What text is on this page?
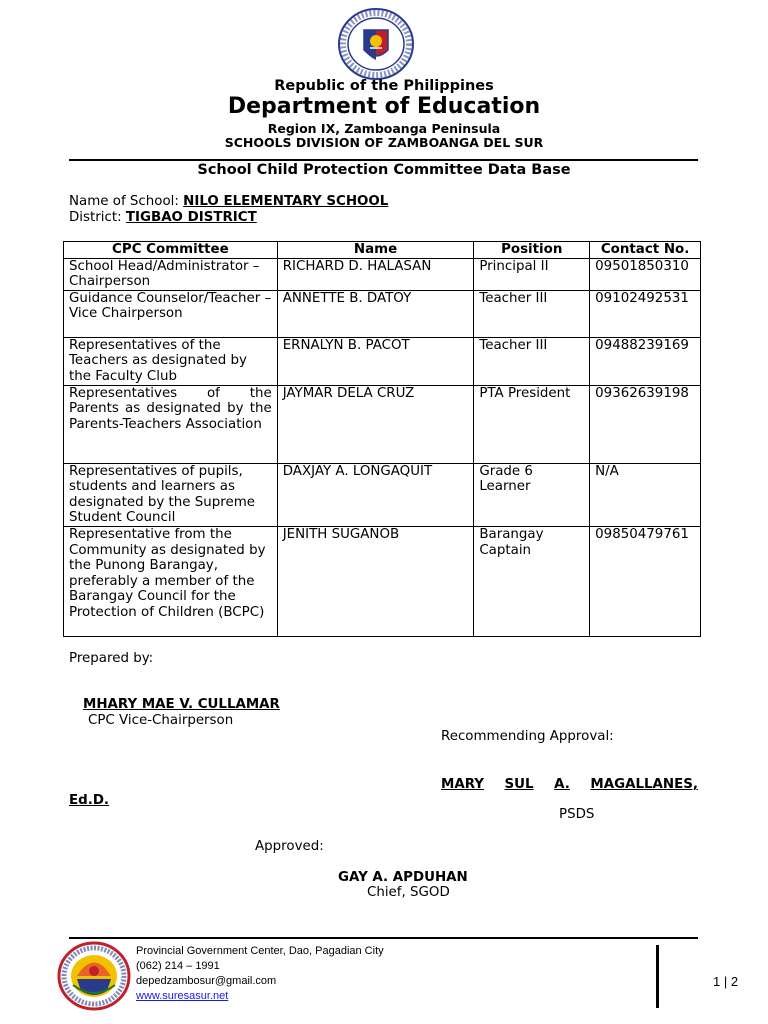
Republic of the Philippines
Department of Education
Region IX, Zamboanga Peninsula
SCHOOLS DIVISION OF ZAMBOANGA DEL SUR
School Child Protection Committee Data Base
Name of School: NILO ELEMENTARY SCHOOL
District: TIGBAO DISTRICT
CPC Committee	Name	Position	Contact No.
School Head/Administrator – Chairperson	RICHARD D. HALASAN	Principal II	09501850310
Guidance Counselor/Teacher – Vice Chairperson	ANNETTE B. DATOY	Teacher III	09102492531
Representatives of the Teachers as designated by the Faculty Club	ERNALYN B. PACOT	Teacher III	09488239169
Representatives of the Parents as designated by the Parents-Teachers Association	JAYMAR DELA CRUZ	PTA President	09362639198
Representatives of pupils, students and learners as designated by the Supreme Student Council	DAXJAY A. LONGAQUIT	Grade 6 Learner	N/A
Representative from the Community as designated by the Punong Barangay, preferably a member of the Barangay Council for the Protection of Children (BCPC)	JENITH SUGANOB	Barangay Captain	09850479761
Prepared by:
MHARY MAE V. CULLAMAR
CPC Vice-Chairperson
Recommending Approval:
MARY SUL A. MAGALLANES,
Ed.D.
PSDS
Approved:
GAY A. APDUHAN
Chief, SGOD
Provincial Government Center, Dao, Pagadian City
(062) 214 – 1991
depedzambosur@gmail.com
www.suresasur.net
1 | 2
